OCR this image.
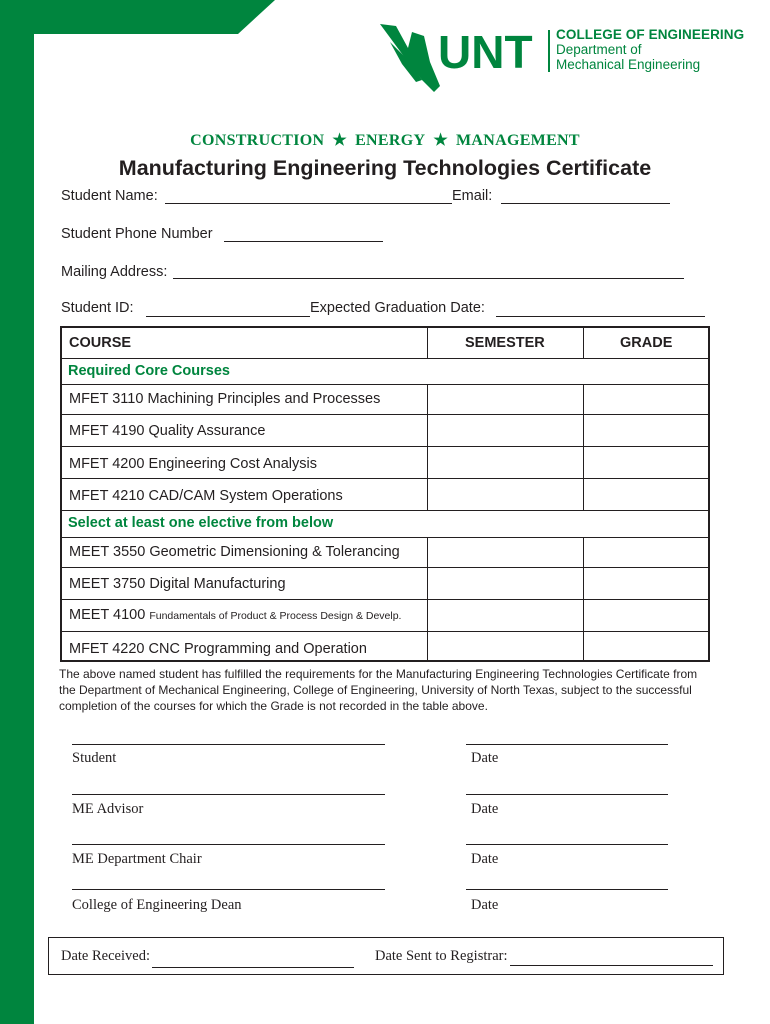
UNT COLLEGE OF ENGINEERING
Department of
Mechanical Engineering
CONSTRUCTION ★ ENERGY ★ MANAGEMENT
Manufacturing Engineering Technologies Certificate
Student Name:	Email:
Student Phone Number
Mailing Address:
Student ID:	Expected Graduation Date:
COURSE	SEMESTER	GRADE
Required Core Courses
MFET 3110 Machining Principles and Processes
MFET 4190 Quality Assurance
MFET 4200 Engineering Cost Analysis
MFET 4210 CAD/CAM System Operations
Select at least one elective from below
MEET 3550 Geometric Dimensioning & Tolerancing
MEET 3750 Digital Manufacturing
MEET 4100 Fundamentals of Product & Process Design & Develp.
MFET 4220 CNC Programming and Operation
The above named student has fulfilled the requirements for the Manufacturing Engineering Technologies Certificate from the Department of Mechanical Engineering, College of Engineering, University of North Texas, subject to the successful completion of the courses for which the Grade is not recorded in the table above.
Student	Date
ME Advisor	Date
ME Department Chair	Date
College of Engineering Dean	Date
Date Received:	Date Sent to Registrar:
